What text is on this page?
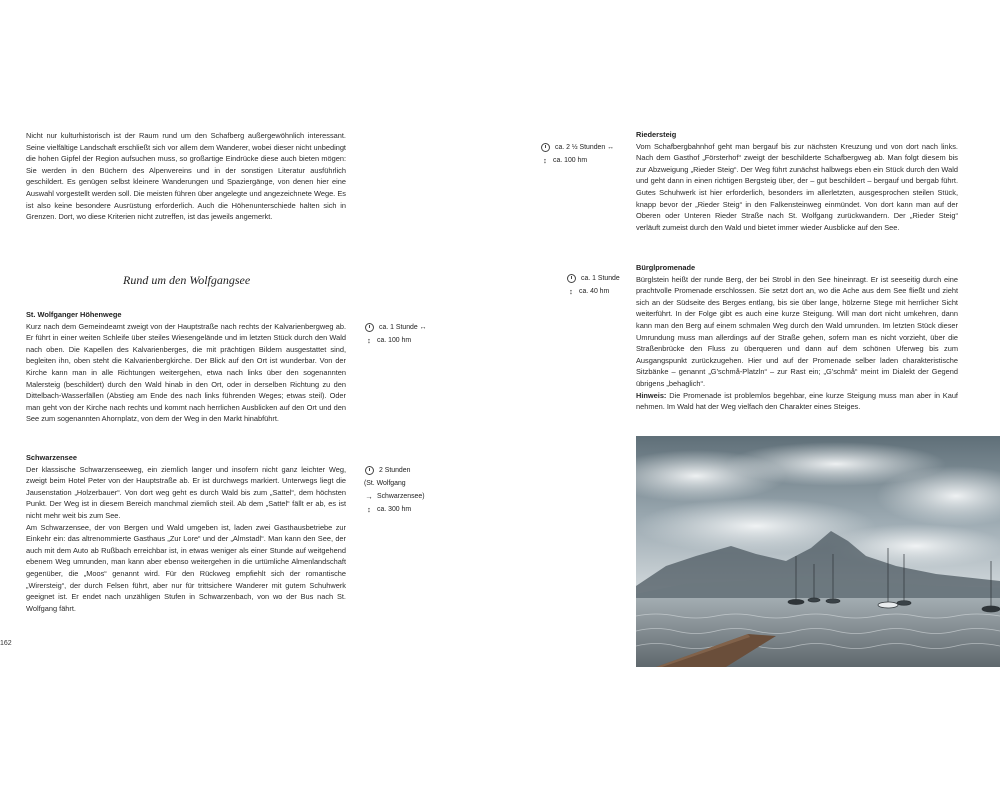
Nicht nur kulturhistorisch ist der Raum rund um den Schafberg außergewöhnlich interessant. Seine vielfältige Landschaft erschließt sich vor allem dem Wanderer, wobei dieser nicht unbedingt die hohen Gipfel der Region aufsuchen muss, so großartige Eindrücke diese auch bieten mögen: Sie werden in den Büchern des Alpenvereins und in der sonstigen Literatur ausführlich geschildert. Es genügen selbst kleinere Wanderungen und Spaziergänge, von denen hier eine Auswahl vorgestellt werden soll. Die meisten führen über angelegte und angezeichnete Wege. Es ist also keine besondere Ausrüstung erforderlich. Auch die Höhenunterschiede halten sich in Grenzen. Dort, wo diese Kriterien nicht zutreffen, ist das jeweils angemerkt.

Rund um den Wolfgangsee
St. Wolfganger Höhenwege

Kurz nach dem Gemeindeamt zweigt von der Hauptstraße nach rechts der Kalvarienbergweg ab. Er führt in einer weiten Schleife über steiles Wiesengelände und im letzten Stück durch den Wald nach oben. Die Kapellen des Kalvarienberges, die mit prächtigen Bildern ausgestattet sind, begleiten ihn, oben steht die Kalvarienbergkirche. Der Blick auf den Ort ist wunderbar. Von der Kirche kann man in alle Richtungen weitergehen, etwa nach links über den sogenannten Malersteig (beschildert) durch den Wald hinab in den Ort, oder in derselben Richtung zu den Dittelbach-Wasserfällen (Abstieg am Ende des nach links führenden Weges; etwas steil). Oder man geht von der Kirche nach rechts und kommt nach herrlichen Ausblicken auf den Ort und den See zum sogenannten Ahornplatz, von dem der Weg in den Markt hinabführt.

ca. 1 Stunde
↔
↕ ca. 100 hm
Schwarzensee

Der klassische Schwarzenseeweg, ein ziemlich langer und insofern nicht ganz leichter Weg, zweigt beim Hotel Peter von der Hauptstraße ab. Er ist durchwegs markiert. Unterwegs liegt die Jausenstation „Holzerbauer“. Von dort weg geht es durch Wald bis zum „Sattel“, dem höchsten Punkt. Der Weg ist in diesem Bereich manchmal ziemlich steil. Ab dem „Sattel“ fällt er ab, es ist nicht mehr weit bis zum See.

Am Schwarzensee, der von Bergen und Wald umgeben ist, laden zwei Gasthausbetriebe zur Einkehr ein: das altrenommierte Gasthaus „Zur Lore“ und der „Almstadl“. Man kann den See, der auch mit dem Auto ab Rußbach erreichbar ist, in etwas weniger als einer Stunde auf weitgehend ebenem Weg umrunden, man kann aber ebenso weitergehen in die urtümliche Almenlandschaft gegenüber, die „Moos“ genannt wird. Für den Rückweg empfiehlt sich der romantische „Wirersteig“, der durch Felsen führt, aber nur für trittsichere Wanderer mit gutem Schuhwerk geeignet ist. Er endet nach unzähligen Stufen in Schwarzenbach, von wo der Bus nach St. Wolfgang fährt.

2 Stunden
(St. Wolfgang
→ Schwarzensee)
↕ ca. 300 hm
162
ca. 2 ½ Stunden
↔
↕ ca. 100 hm
Riedersteig

Vom Schafbergbahnhof geht man bergauf bis zur nächsten Kreuzung und von dort nach links. Nach dem Gasthof „Försterhof“ zweigt der beschilderte Schafbergweg ab. Man folgt diesem bis zur Abzweigung „Rieder Steig“. Der Weg führt zunächst halbwegs eben ein Stück durch den Wald und geht dann in einen richtigen Bergsteig über, der – gut beschildert – bergauf und bergab führt. Gutes Schuhwerk ist hier erforderlich, besonders im allerletzten, ausgesprochen steilen Stück, knapp bevor der „Rieder Steig“ in den Falkensteinweg einmündet. Von dort kann man auf der Oberen oder Unteren Rieder Straße nach St. Wolfgang zurückwandern. Der „Rieder Steig“ verläuft zumeist durch den Wald und bietet immer wieder Ausblicke auf den See.

ca. 1 Stunde
↕ ca. 40 hm
Bürglpromenade

Bürglstein heißt der runde Berg, der bei Strobl in den See hineinragt. Er ist seeseitig durch eine prachtvolle Promenade erschlossen. Sie setzt dort an, wo die Ache aus dem See fließt und zieht sich an der Südseite des Berges entlang, bis sie über lange, hölzerne Stege mit herrlicher Sicht weiterführt. In der Folge gibt es auch eine kurze Steigung. Will man dort nicht umkehren, dann kann man den Berg auf einem schmalen Weg durch den Wald umrunden. Im letzten Stück dieser Umrundung muss man allerdings auf der Straße gehen, sofern man es nicht vorzieht, über die Straßenbrücke den Fluss zu überqueren und dann auf dem schönen Uferweg bis zum Ausgangspunkt zurückzugehen. Hier und auf der Promenade selber laden charakteristische Sitzbänke – genannt „G’schmå-Platzln“ – zur Rast ein; „G’schmå“ meint im Dialekt der Gegend übrigens „behaglich“.

Hinweis: Die Promenade ist problemlos begehbar, eine kurze Steigung muss man aber in Kauf nehmen. Im Wald hat der Weg vielfach den Charakter eines Steiges.
